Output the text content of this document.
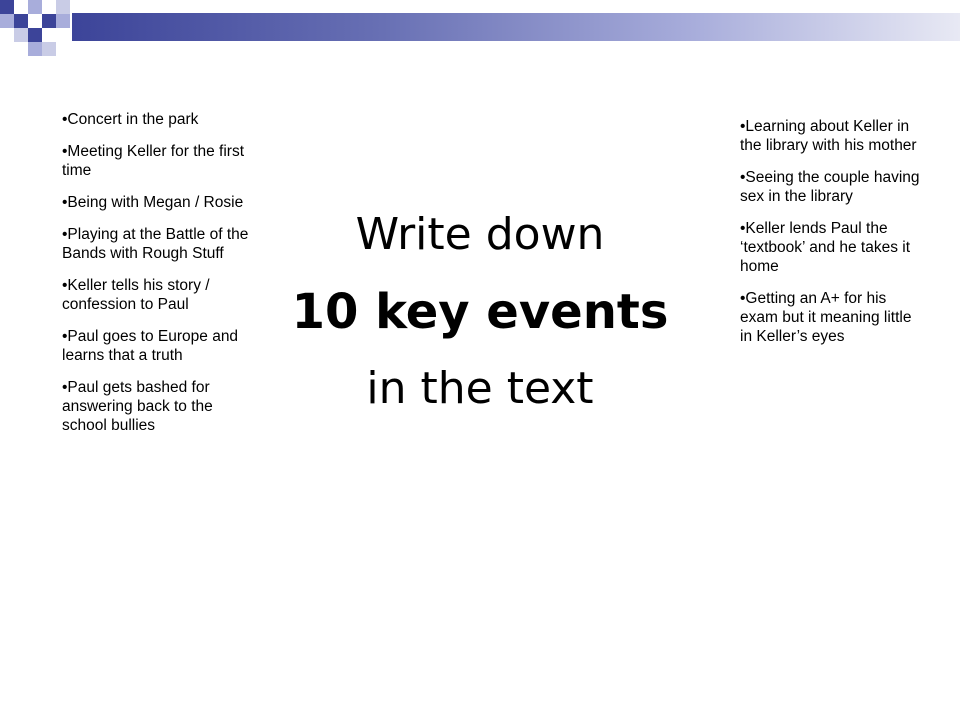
•Concert in the park
•Meeting Keller for the first time
•Being with Megan / Rosie
•Playing at the Battle of the Bands with Rough Stuff
•Keller tells his story / confession to Paul
•Paul goes to Europe and learns that a truth
•Paul gets bashed for answering back to the school bullies
Write down
10 key events
in the text
•Learning about Keller in the library with his mother
•Seeing the couple having sex in the library
•Keller lends Paul the ‘textbook’ and he takes it home
•Getting an A+ for his exam but it meaning little in Keller’s eyes
